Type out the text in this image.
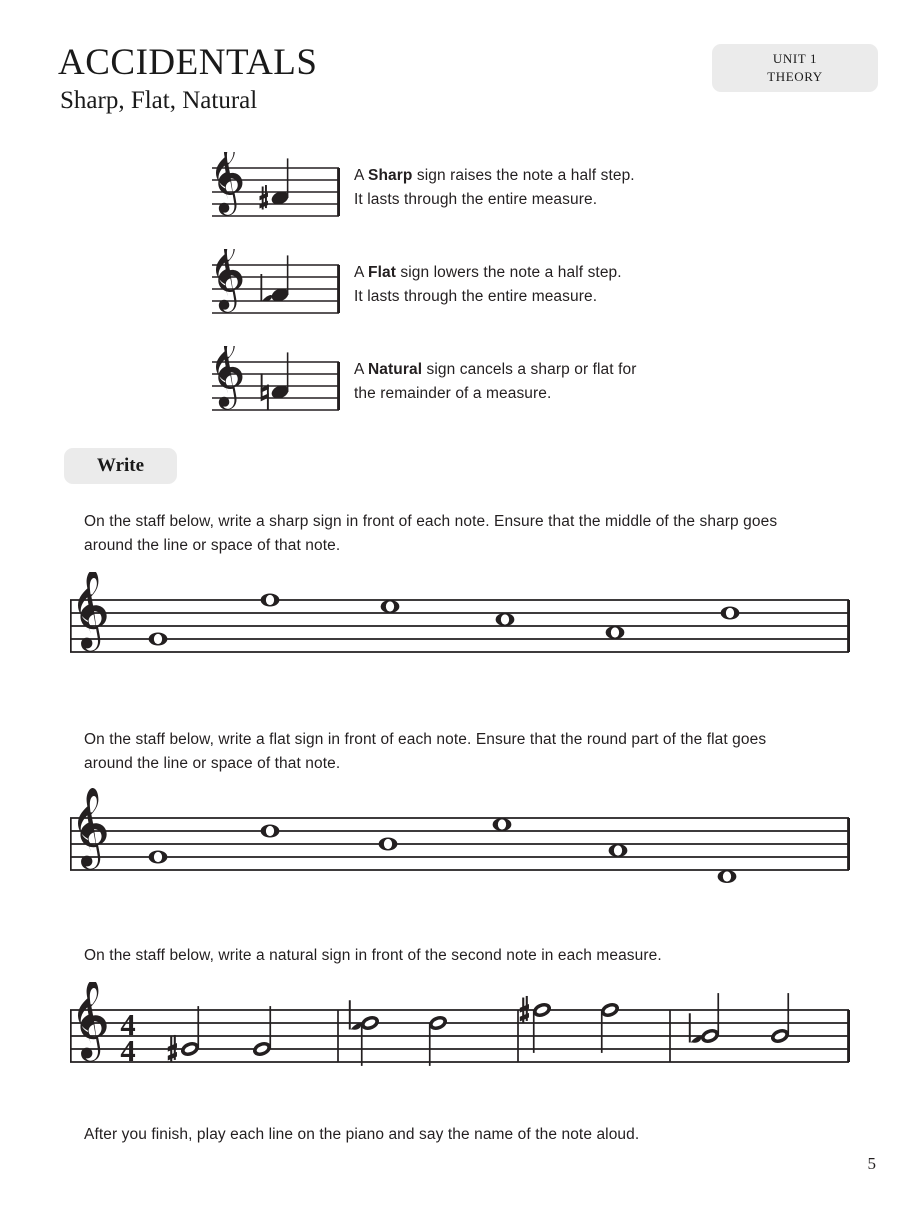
ACCIDENTALS
Sharp, Flat, Natural
UNIT 1
THEORY
A Sharp sign raises the note a half step.
It lasts through the entire measure.
A Flat sign lowers the note a half step.
It lasts through the entire measure.
A Natural sign cancels a sharp or flat for
the remainder of a measure.
Write
On the staff below, write a sharp sign in front of each note. Ensure that the middle of the sharp goes around the line or space of that note.
On the staff below, write a flat sign in front of each note. Ensure that the round part of the flat goes around the line or space of that note.
On the staff below, write a natural sign in front of the second note in each measure.
4
4
After you finish, play each line on the piano and say the name of the note aloud.
5
